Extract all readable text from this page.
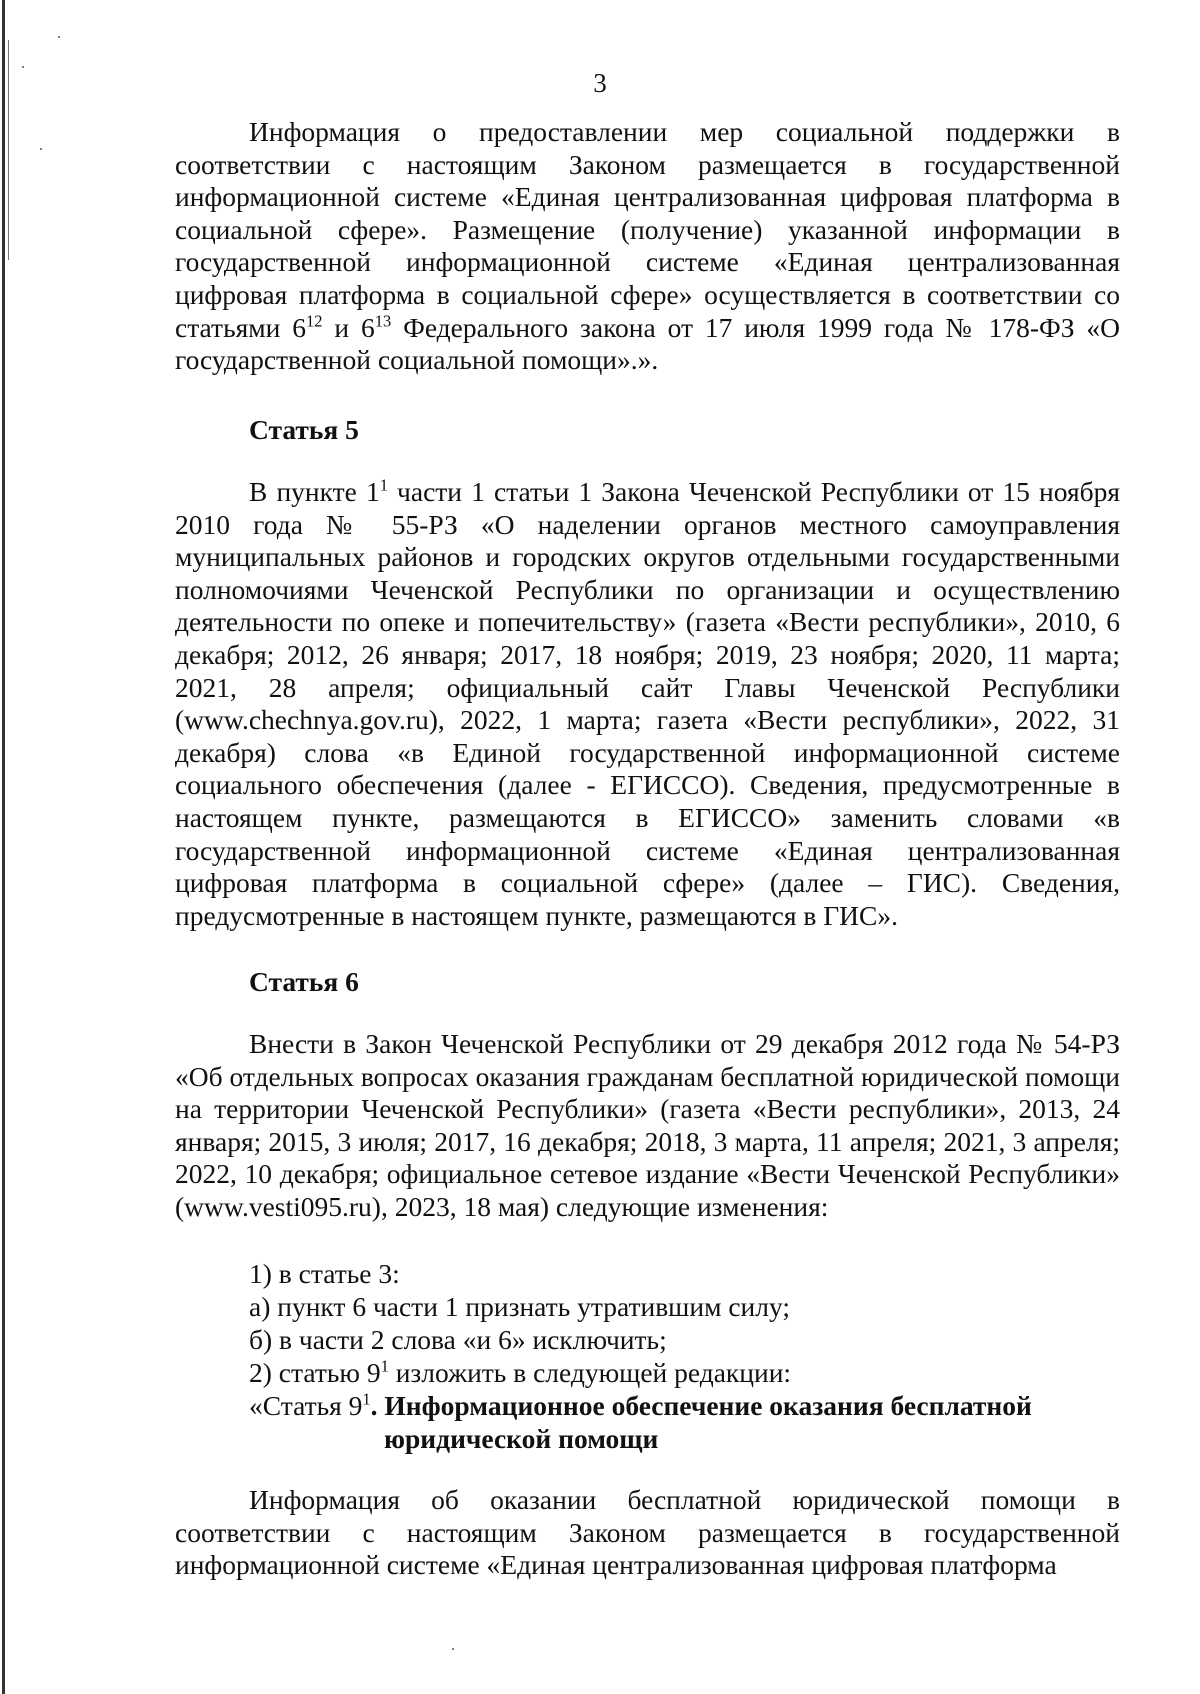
3

Информация о предоставлении мер социальной поддержки в соответствии с настоящим Законом размещается в государственной информационной системе «Единая централизованная цифровая платформа в социальной сфере». Размещение (получение) указанной информации в государственной информационной системе «Единая централизованная цифровая платформа в социальной сфере» осуществляется в соответствии со статьями $6^{12}$ и $6^{13}$ Федерального закона от 17 июля 1999 года № 178-ФЗ «О государственной социальной помощи».».

Статья 5

В пункте $1^1$ части 1 статьи 1 Закона Чеченской Республики от 15 ноября 2010 года № 55-РЗ «О наделении органов местного самоуправления муниципальных районов и городских округов отдельными государственными полномочиями Чеченской Республики по организации и осуществлению деятельности по опеке и попечительству» (газета «Вести республики», 2010, 6 декабря; 2012, 26 января; 2017, 18 ноября; 2019, 23 ноября; 2020, 11 марта; 2021, 28 апреля; официальный сайт Главы Чеченской Республики (www.chechnya.gov.ru), 2022, 1 марта; газета «Вести республики», 2022, 31 декабря) слова «в Единой государственной информационной системе социального обеспечения (далее - ЕГИССО). Сведения, предусмотренные в настоящем пункте, размещаются в ЕГИССО» заменить словами «в государственной информационной системе «Единая централизованная цифровая платформа в социальной сфере» (далее – ГИС). Сведения, предусмотренные в настоящем пункте, размещаются в ГИС».

Статья 6

Внести в Закон Чеченской Республики от 29 декабря 2012 года № 54-РЗ «Об отдельных вопросах оказания гражданам бесплатной юридической помощи на территории Чеченской Республики» (газета «Вести республики», 2013, 24 января; 2015, 3 июля; 2017, 16 декабря; 2018, 3 марта, 11 апреля; 2021, 3 апреля; 2022, 10 декабря; официальное сетевое издание «Вести Чеченской Республики» (www.vesti095.ru), 2023, 18 мая) следующие изменения:

1) в статье 3:
а) пункт 6 части 1 признать утратившим силу;
б) в части 2 слова «и 6» исключить;
2) статью $9^1$ изложить в следующей редакции:
«Статья $9^1$. Информационное обеспечение оказания бесплатной
юридической помощи

Информация об оказании бесплатной юридической помощи в соответствии с настоящим Законом размещается в государственной информационной системе «Единая централизованная цифровая платформа
